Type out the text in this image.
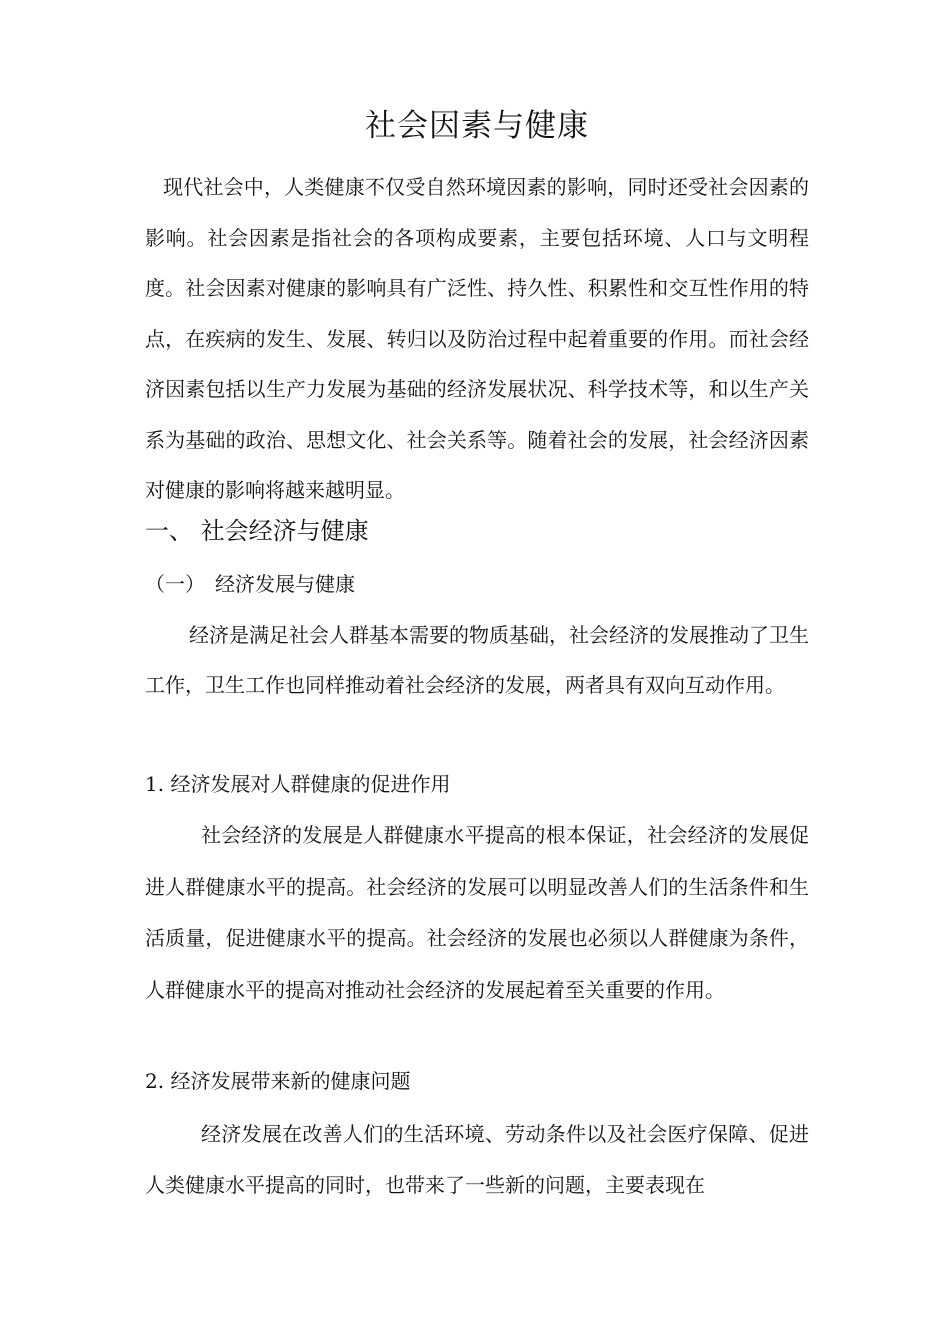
社会因素与健康

现代社会中，人类健康不仅受自然环境因素的影响，同时还受社会因素的影响。社会因素是指社会的各项构成要素，主要包括环境、人口与文明程度。社会因素对健康的影响具有广泛性、持久性、积累性和交互性作用的特点，在疾病的发生、发展、转归以及防治过程中起着重要的作用。而社会经济因素包括以生产力发展为基础的经济发展状况、科学技术等，和以生产关系为基础的政治、思想文化、社会关系等。随着社会的发展，社会经济因素对健康的影响将越来越明显。

一、 社会经济与健康
（一）　经济发展与健康

经济是满足社会人群基本需要的物质基础，社会经济的发展推动了卫生工作，卫生工作也同样推动着社会经济的发展，两者具有双向互动作用。

1. 经济发展对人群健康的促进作用

社会经济的发展是人群健康水平提高的根本保证，社会经济的发展促进人群健康水平的提高。社会经济的发展可以明显改善人们的生活条件和生活质量，促进健康水平的提高。社会经济的发展也必须以人群健康为条件，人群健康水平的提高对推动社会经济的发展起着至关重要的作用。

2. 经济发展带来新的健康问题

经济发展在改善人们的生活环境、劳动条件以及社会医疗保障、促进人类健康水平提高的同时，也带来了一些新的问题，主要表现在
